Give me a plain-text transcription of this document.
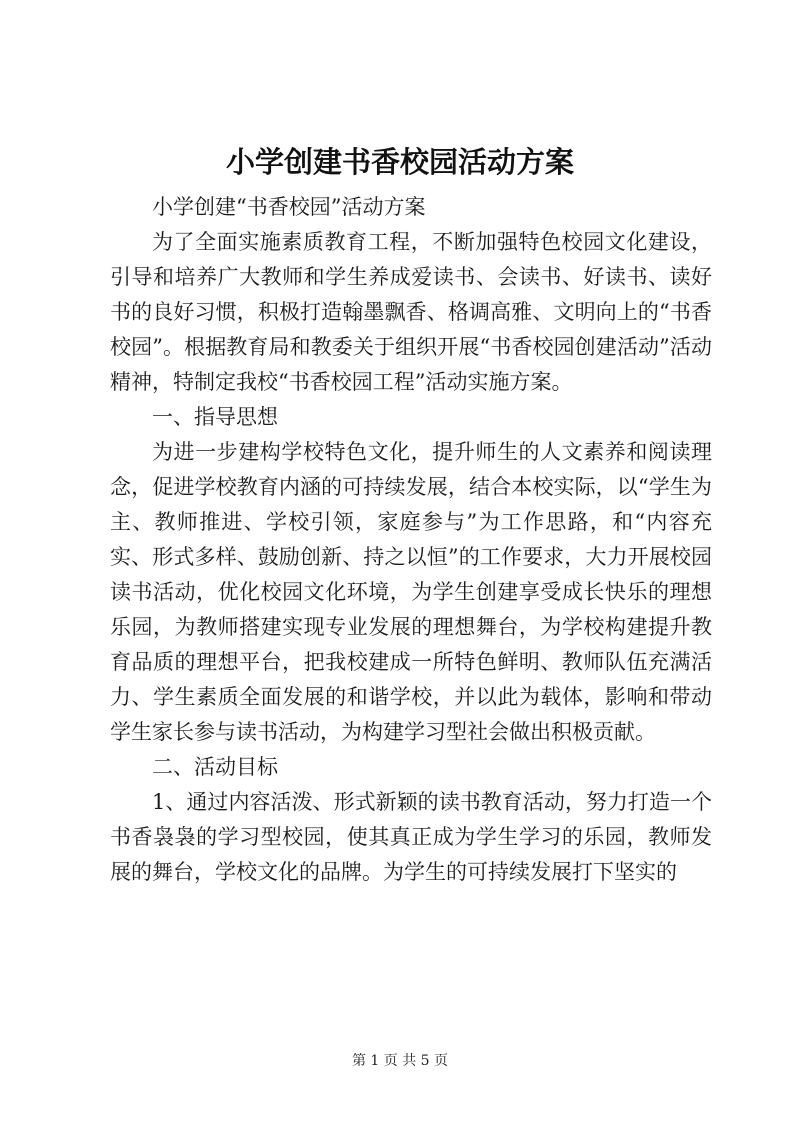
小学创建书香校园活动方案

小学创建“书香校园”活动方案

为了全面实施素质教育工程，不断加强特色校园文化建设，引导和培养广大教师和学生养成爱读书、会读书、好读书、读好书的良好习惯，积极打造翰墨飘香、格调高雅、文明向上的“书香校园”。根据教育局和教委关于组织开展“书香校园创建活动”活动精神，特制定我校“书香校园工程”活动实施方案。

一、指导思想

为进一步建构学校特色文化，提升师生的人文素养和阅读理念，促进学校教育内涵的可持续发展，结合本校实际，以“学生为主、教师推进、学校引领，家庭参与”为工作思路，和“内容充实、形式多样、鼓励创新、持之以恒”的工作要求，大力开展校园读书活动，优化校园文化环境，为学生创建享受成长快乐的理想乐园，为教师搭建实现专业发展的理想舞台，为学校构建提升教育品质的理想平台，把我校建成一所特色鲜明、教师队伍充满活力、学生素质全面发展的和谐学校，并以此为载体，影响和带动学生家长参与读书活动，为构建学习型社会做出积极贡献。

二、活动目标

1、通过内容活泼、形式新颖的读书教育活动，努力打造一个书香袅袅的学习型校园，使其真正成为学生学习的乐园，教师发展的舞台，学校文化的品牌。为学生的可持续发展打下坚实的

第 1 页 共 5 页
